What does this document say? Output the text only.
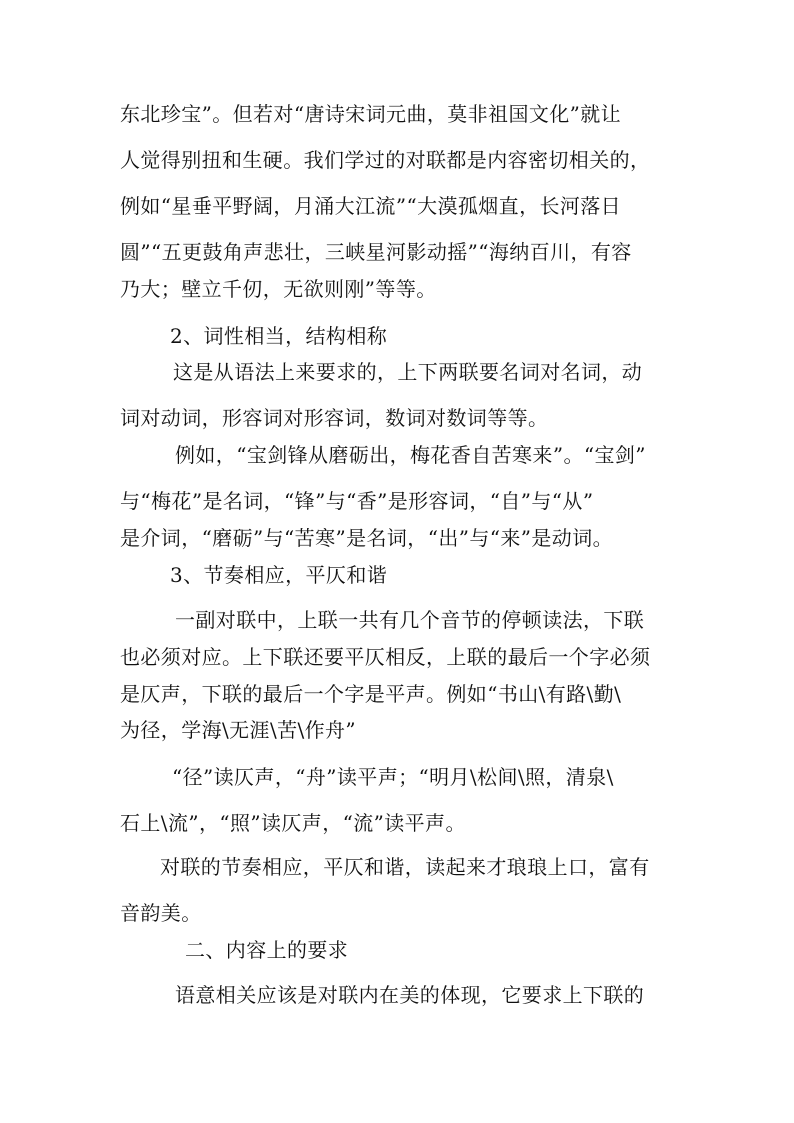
东北珍宝”。但若对“唐诗宋词元曲，莫非祖国文化”就让
人觉得别扭和生硬。我们学过的对联都是内容密切相关的，
例如“星垂平野阔，月涌大江流”“大漠孤烟直，长河落日
圆”“五更鼓角声悲壮，三峡星河影动摇”“海纳百川，有容
乃大；壁立千仞，无欲则刚”等等。
2、词性相当，结构相称
这是从语法上来要求的，上下两联要名词对名词，动
词对动词，形容词对形容词，数词对数词等等。
例如，“宝剑锋从磨砺出，梅花香自苦寒来”。“宝剑”
与“梅花”是名词，“锋”与“香”是形容词，“自”与“从”
是介词，“磨砺”与“苦寒”是名词，“出”与“来”是动词。
3、节奏相应，平仄和谐
一副对联中，上联一共有几个音节的停顿读法，下联
也必须对应。上下联还要平仄相反，上联的最后一个字必须
是仄声，下联的最后一个字是平声。例如“书山\有路\勤\
为径，学海\无涯\苦\作舟”
“径”读仄声，“舟”读平声；“明月\松间\照，清泉\
石上\流”，“照”读仄声，“流”读平声。
对联的节奏相应，平仄和谐，读起来才琅琅上口，富有
音韵美。
二、内容上的要求
语意相关应该是对联内在美的体现，它要求上下联的
